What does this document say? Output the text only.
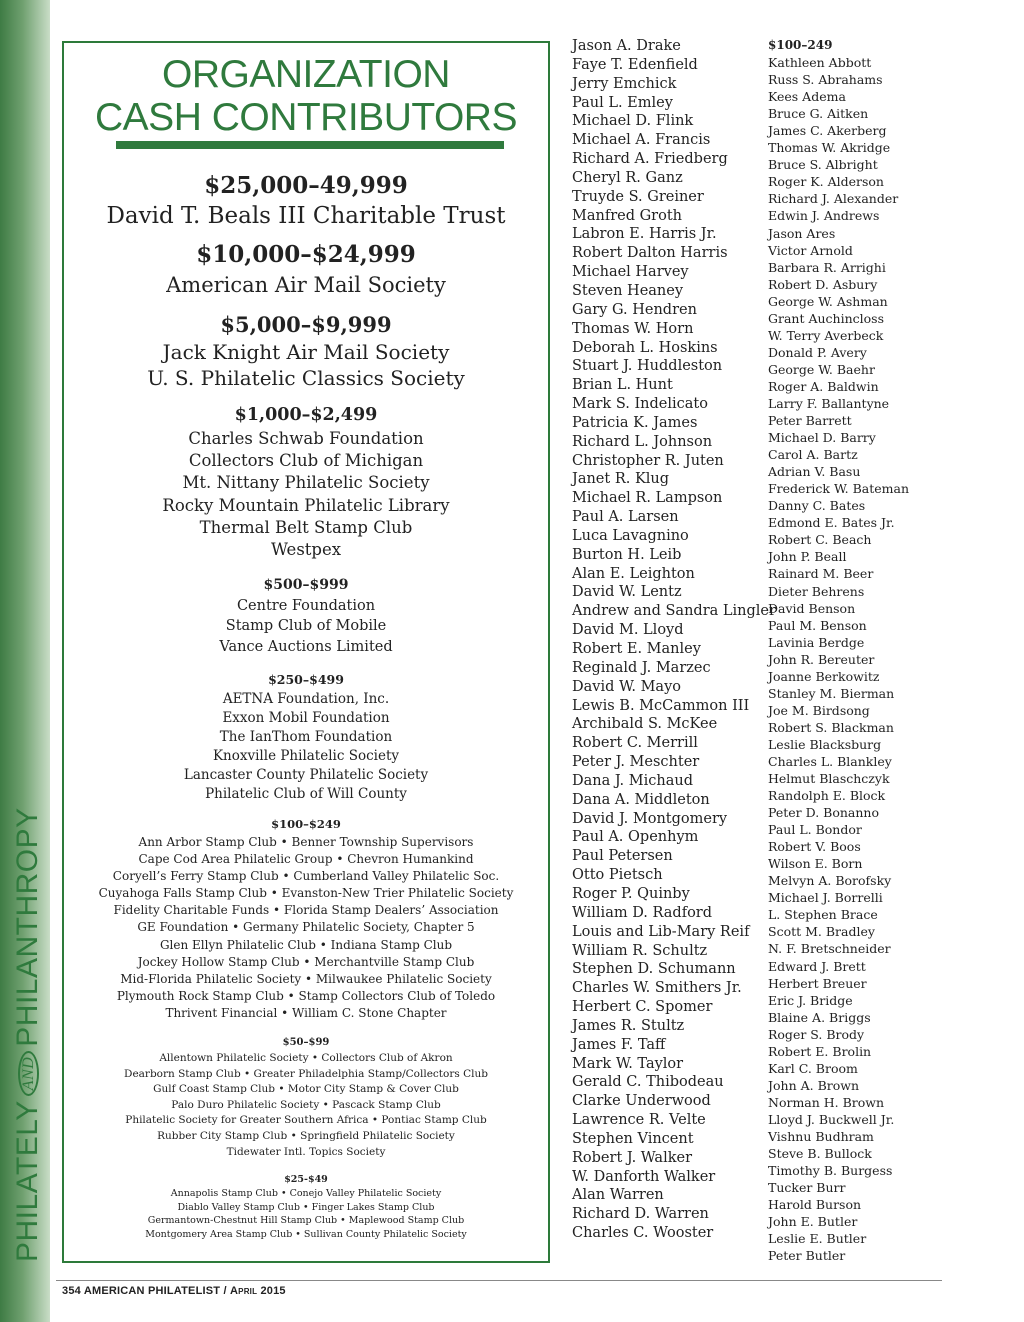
PHILATELYANDPHILANTHROPY
ORGANIZATION
CASH CONTRIBUTORS
$25,000–49,999
David T. Beals III Charitable Trust
$10,000–$24,999
American Air Mail Society
$5,000–$9,999
Jack Knight Air Mail Society
U. S. Philatelic Classics Society
$1,000–$2,499
Charles Schwab Foundation
Collectors Club of Michigan
Mt. Nittany Philatelic Society
Rocky Mountain Philatelic Library
Thermal Belt Stamp Club
Westpex
$500–$999
Centre Foundation
Stamp Club of Mobile
Vance Auctions Limited
$250–$499
AETNA Foundation, Inc.
Exxon Mobil Foundation
The IanThom Foundation
Knoxville Philatelic Society
Lancaster County Philatelic Society
Philatelic Club of Will County
$100–$249
Ann Arbor Stamp Club • Benner Township Supervisors
Cape Cod Area Philatelic Group • Chevron Humankind
Coryell’s Ferry Stamp Club • Cumberland Valley Philatelic Soc.
Cuyahoga Falls Stamp Club • Evanston-New Trier Philatelic Society
Fidelity Charitable Funds • Florida Stamp Dealers’ Association
GE Foundation • Germany Philatelic Society, Chapter 5
Glen Ellyn Philatelic Club • Indiana Stamp Club
Jockey Hollow Stamp Club • Merchantville Stamp Club
Mid-Florida Philatelic Society • Milwaukee Philatelic Society
Plymouth Rock Stamp Club • Stamp Collectors Club of Toledo
Thrivent Financial • William C. Stone Chapter
$50–$99
Allentown Philatelic Society • Collectors Club of Akron
Dearborn Stamp Club • Greater Philadelphia Stamp/Collectors Club
Gulf Coast Stamp Club • Motor City Stamp & Cover Club
Palo Duro Philatelic Society • Pascack Stamp Club
Philatelic Society for Greater Southern Africa • Pontiac Stamp Club
Rubber City Stamp Club • Springfield Philatelic Society
Tidewater Intl. Topics Society
$25-$49
Annapolis Stamp Club • Conejo Valley Philatelic Society
Diablo Valley Stamp Club • Finger Lakes Stamp Club
Germantown-Chestnut Hill Stamp Club • Maplewood Stamp Club
Montgomery Area Stamp Club • Sullivan County Philatelic Society
Jason A. Drake
Faye T. Edenfield
Jerry Emchick
Paul L. Emley
Michael D. Flink
Michael A. Francis
Richard A. Friedberg
Cheryl R. Ganz
Truyde S. Greiner
Manfred Groth
Labron E. Harris Jr.
Robert Dalton Harris
Michael Harvey
Steven Heaney
Gary G. Hendren
Thomas W. Horn
Deborah L. Hoskins
Stuart J. Huddleston
Brian L. Hunt
Mark S. Indelicato
Patricia K. James
Richard L. Johnson
Christopher R. Juten
Janet R. Klug
Michael R. Lampson
Paul A. Larsen
Luca Lavagnino
Burton H. Leib
Alan E. Leighton
David W. Lentz
Andrew and Sandra Lingler
David M. Lloyd
Robert E. Manley
Reginald J. Marzec
David W. Mayo
Lewis B. McCammon III
Archibald S. McKee
Robert C. Merrill
Peter J. Meschter
Dana J. Michaud
Dana A. Middleton
David J. Montgomery
Paul A. Openhym
Paul Petersen
Otto Pietsch
Roger P. Quinby
William D. Radford
Louis and Lib-Mary Reif
William R. Schultz
Stephen D. Schumann
Charles W. Smithers Jr.
Herbert C. Spomer
James R. Stultz
James F. Taff
Mark W. Taylor
Gerald C. Thibodeau
Clarke Underwood
Lawrence R. Velte
Stephen Vincent
Robert J. Walker
W. Danforth Walker
Alan Warren
Richard D. Warren
Charles C. Wooster
$100–249
Kathleen Abbott
Russ S. Abrahams
Kees Adema
Bruce G. Aitken
James C. Akerberg
Thomas W. Akridge
Bruce S. Albright
Roger K. Alderson
Richard J. Alexander
Edwin J. Andrews
Jason Ares
Victor Arnold
Barbara R. Arrighi
Robert D. Asbury
George W. Ashman
Grant Auchincloss
W. Terry Averbeck
Donald P. Avery
George W. Baehr
Roger A. Baldwin
Larry F. Ballantyne
Peter Barrett
Michael D. Barry
Carol A. Bartz
Adrian V. Basu
Frederick W. Bateman
Danny C. Bates
Edmond E. Bates Jr.
Robert C. Beach
John P. Beall
Rainard M. Beer
Dieter Behrens
David Benson
Paul M. Benson
Lavinia Berdge
John R. Bereuter
Joanne Berkowitz
Stanley M. Bierman
Joe M. Birdsong
Robert S. Blackman
Leslie Blacksburg
Charles L. Blankley
Helmut Blaschczyk
Randolph E. Block
Peter D. Bonanno
Paul L. Bondor
Robert V. Boos
Wilson E. Born
Melvyn A. Borofsky
Michael J. Borrelli
L. Stephen Brace
Scott M. Bradley
N. F. Bretschneider
Edward J. Brett
Herbert Breuer
Eric J. Bridge
Blaine A. Briggs
Roger S. Brody
Robert E. Brolin
Karl C. Broom
John A. Brown
Norman H. Brown
Lloyd J. Buckwell Jr.
Vishnu Budhram
Steve B. Bullock
Timothy B. Burgess
Tucker Burr
Harold Burson
John E. Butler
Leslie E. Butler
Peter Butler
354 AMERICAN PHILATELIST / April 2015
